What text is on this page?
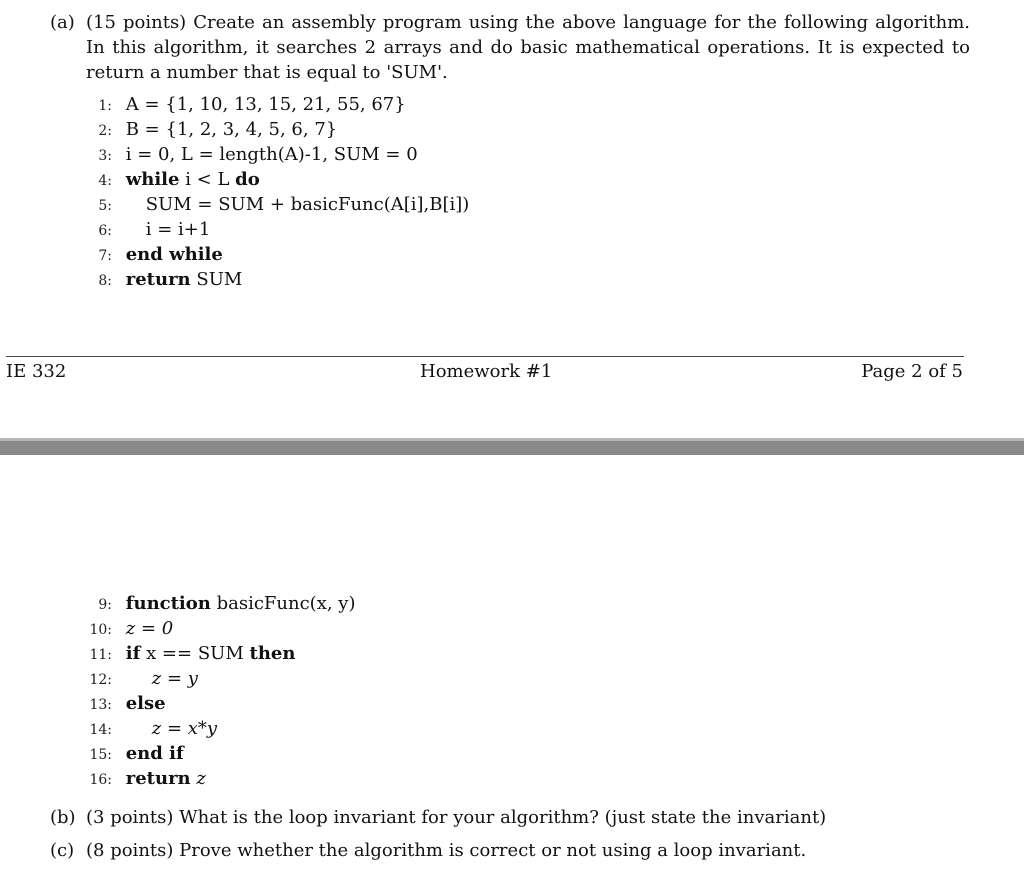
(a) (15 points) Create an assembly program using the above language for the following algorithm. In this algorithm, it searches 2 arrays and do basic mathematical operations. It is expected to return a number that is equal to 'SUM'.
1: A = {1, 10, 13, 15, 21, 55, 67}
2: B = {1, 2, 3, 4, 5, 6, 7}
3: i = 0, L = length(A)-1, SUM = 0
4: while i < L do
5: SUM = SUM + basicFunc(A[i],B[i])
6: i = i+1
7: end while
8: return SUM
IE 332	Homework #1	Page 2 of 5
9: function basicFunc(x, y)
10: z = 0
11: if x == SUM then
12: z = y
13: else
14: z = x*y
15: end if
16: return z
(b) (3 points) What is the loop invariant for your algorithm? (just state the invariant)
(c) (8 points) Prove whether the algorithm is correct or not using a loop invariant.
